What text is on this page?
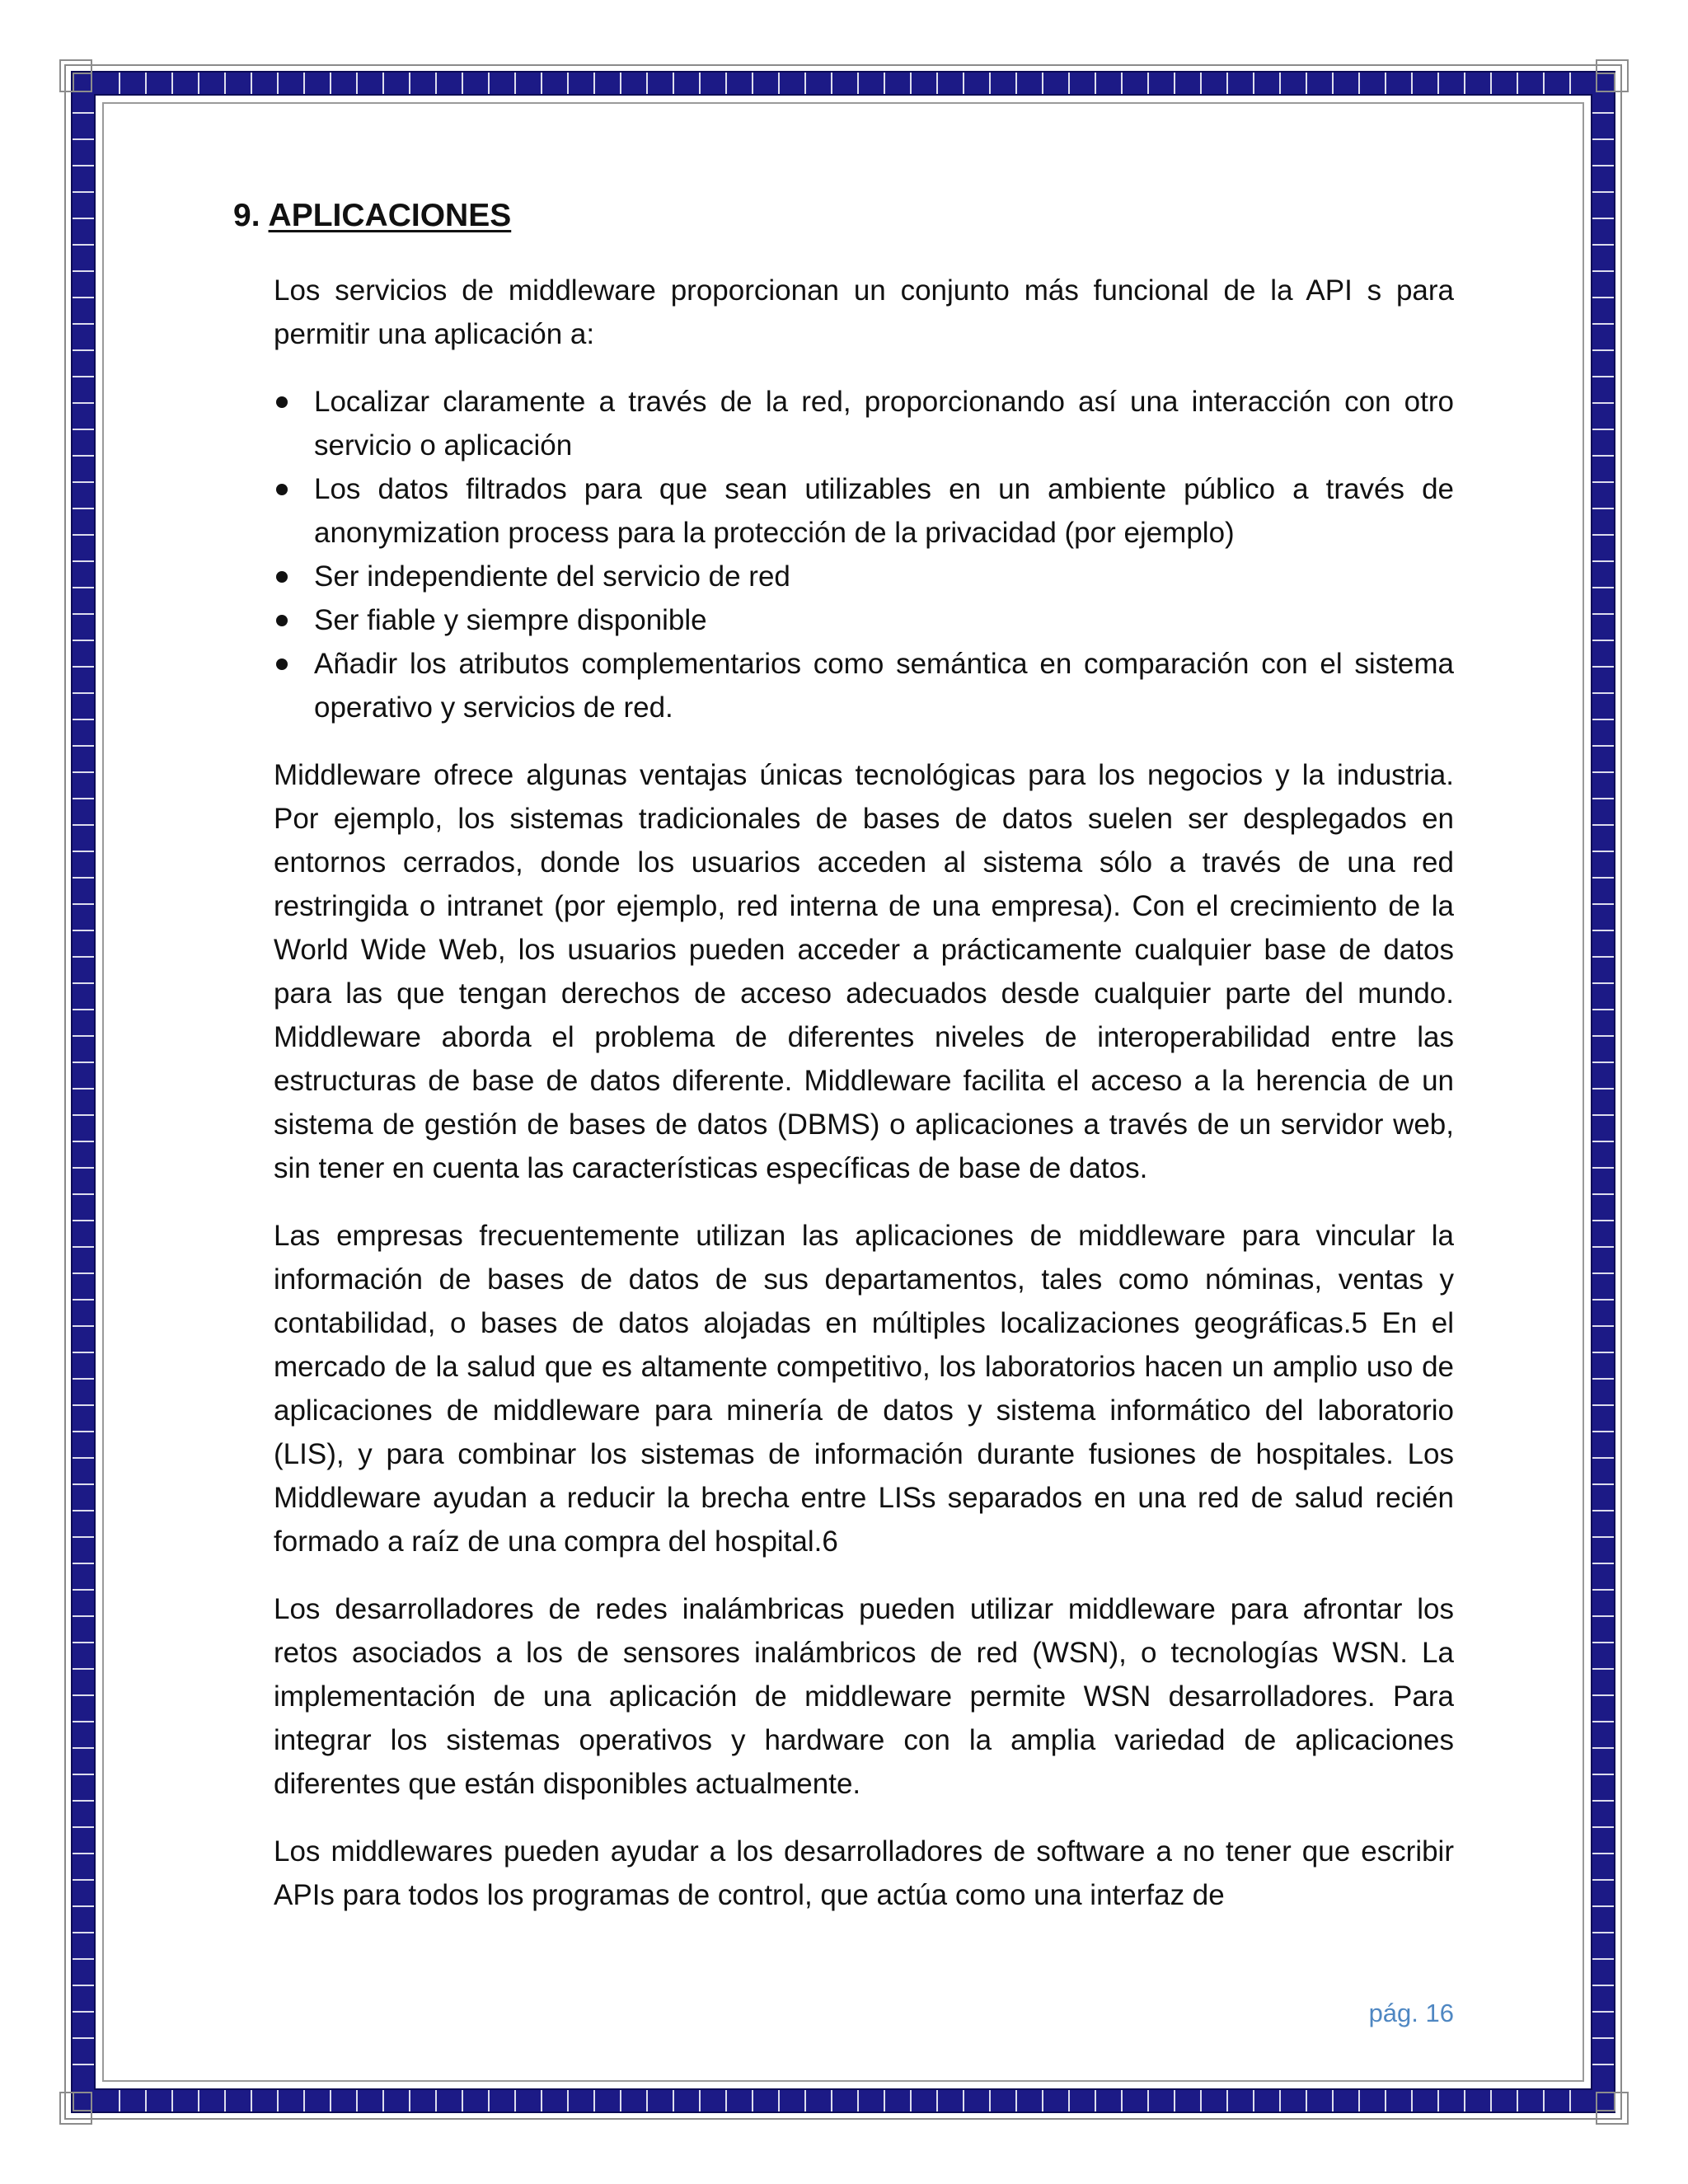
9. APLICACIONES

Los servicios de middleware proporcionan un conjunto más funcional de la API s para permitir una aplicación a:

Localizar claramente a través de la red, proporcionando así una interacción con otro servicio o aplicación
Los datos filtrados para que sean utilizables en un ambiente público a través de anonymization process para la protección de la privacidad (por ejemplo)
Ser independiente del servicio de red
Ser fiable y siempre disponible
Añadir los atributos complementarios como semántica en comparación con el sistema operativo y servicios de red.

Middleware ofrece algunas ventajas únicas tecnológicas para los negocios y la industria. Por ejemplo, los sistemas tradicionales de bases de datos suelen ser desplegados en entornos cerrados, donde los usuarios acceden al sistema sólo a través de una red restringida o intranet (por ejemplo, red interna de una empresa). Con el crecimiento de la World Wide Web, los usuarios pueden acceder a prácticamente cualquier base de datos para las que tengan derechos de acceso adecuados desde cualquier parte del mundo. Middleware aborda el problema de diferentes niveles de interoperabilidad entre las estructuras de base de datos diferente. Middleware facilita el acceso a la herencia de un sistema de gestión de bases de datos (DBMS) o aplicaciones a través de un servidor web, sin tener en cuenta las características específicas de base de datos.

Las empresas frecuentemente utilizan las aplicaciones de middleware para vincular la información de bases de datos de sus departamentos, tales como nóminas, ventas y contabilidad, o bases de datos alojadas en múltiples localizaciones geográficas.5 En el mercado de la salud que es altamente competitivo, los laboratorios hacen un amplio uso de aplicaciones de middleware para minería de datos y sistema informático del laboratorio (LIS), y para combinar los sistemas de información durante fusiones de hospitales. Los Middleware ayudan a reducir la brecha entre LISs separados en una red de salud recién formado a raíz de una compra del hospital.6

Los desarrolladores de redes inalámbricas pueden utilizar middleware para afrontar los retos asociados a los de sensores inalámbricos de red (WSN), o tecnologías WSN. La implementación de una aplicación de middleware permite WSN desarrolladores. Para integrar los sistemas operativos y hardware con la amplia variedad de aplicaciones diferentes que están disponibles actualmente.

Los middlewares pueden ayudar a los desarrolladores de software a no tener que escribir APIs para todos los programas de control, que actúa como una interfaz de

pág. 16
